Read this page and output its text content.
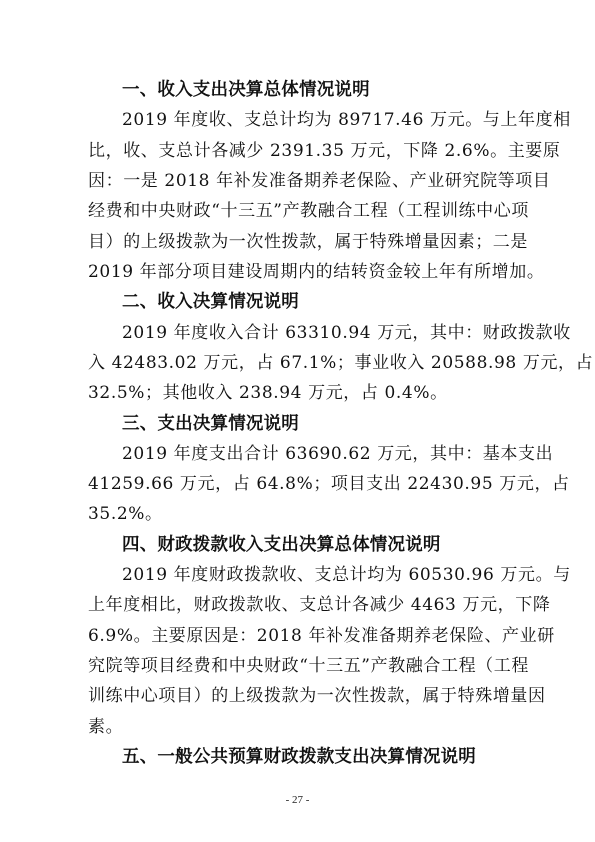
一、收入支出决算总体情况说明
2019 年度收、支总计均为 89717.46 万元。与上年度相
比，收、支总计各减少 2391.35 万元，下降 2.6%。主要原
因：一是 2018 年补发准备期养老保险、产业研究院等项目
经费和中央财政“十三五”产教融合工程（工程训练中心项
目）的上级拨款为一次性拨款，属于特殊增量因素；二是
2019 年部分项目建设周期内的结转资金较上年有所增加。
二、收入决算情况说明
2019 年度收入合计 63310.94 万元，其中：财政拨款收
入 42483.02 万元，占 67.1%；事业收入 20588.98 万元，占
32.5%；其他收入 238.94 万元，占 0.4%。
三、支出决算情况说明
2019 年度支出合计 63690.62 万元，其中：基本支出
41259.66 万元，占 64.8%；项目支出 22430.95 万元，占
35.2%。
四、财政拨款收入支出决算总体情况说明
2019 年度财政拨款收、支总计均为 60530.96 万元。与
上年度相比，财政拨款收、支总计各减少 4463 万元，下降
6.9%。主要原因是：2018 年补发准备期养老保险、产业研
究院等项目经费和中央财政“十三五”产教融合工程（工程
训练中心项目）的上级拨款为一次性拨款，属于特殊增量因
素。
五、一般公共预算财政拨款支出决算情况说明
- 27 -
